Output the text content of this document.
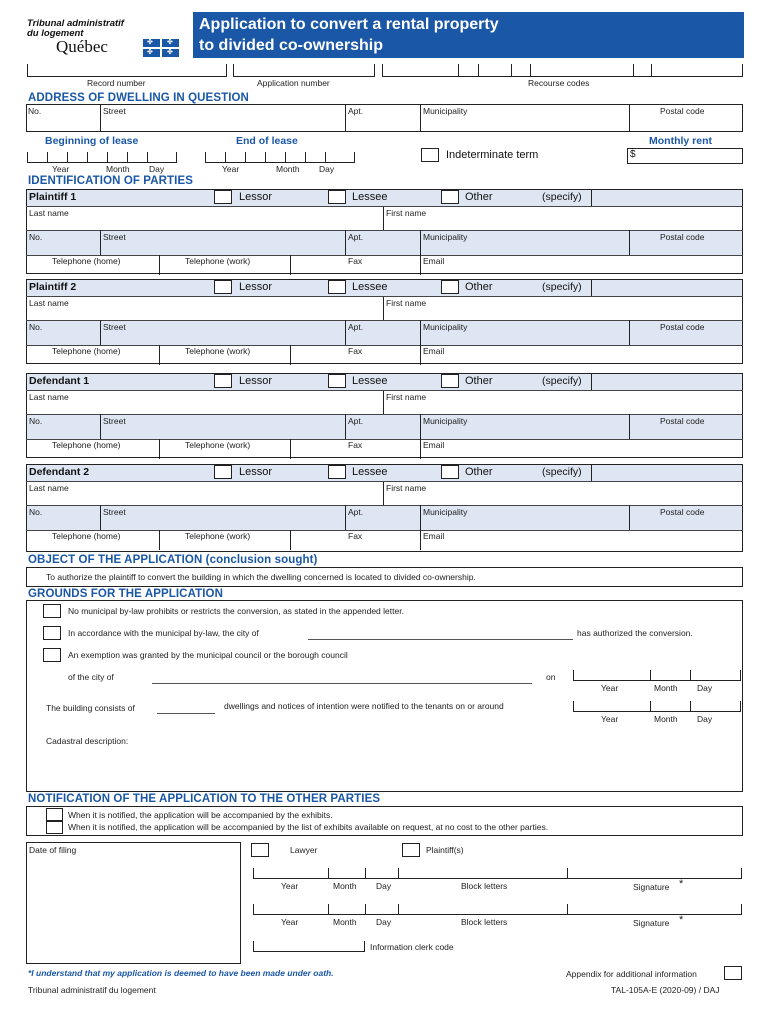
Tribunal administratif
du logement
Québec	✤ ✤
✤ ✤
Application to convert a rental property
to divided co-ownership
Record number	Application number	Recourse codes
ADDRESS OF DWELLING IN QUESTION
No.	Street	Apt.	Municipality	Postal code
Beginning of lease	End of lease	Monthly rent
Year	Month Day	Year	Month Day
Indeterminate term	$
IDENTIFICATION OF PARTIES
Plaintiff 1	Lessor	Lessee	Other	(specify)
Last name	First name
No.	Street	Apt.	Municipality	Postal code
Telephone (home)	Telephone (work)	Fax	Email
Plaintiff 2	Lessor	Lessee	Other	(specify)
Last name	First name
No.	Street	Apt.	Municipality	Postal code
Telephone (home)	Telephone (work)	Fax	Email
Defendant 1	Lessor	Lessee	Other	(specify)
Last name	First name
No.	Street	Apt.	Municipality	Postal code
Telephone (home)	Telephone (work)	Fax	Email
Defendant 2	Lessor	Lessee	Other	(specify)
Last name	First name
No.	Street	Apt.	Municipality	Postal code
Telephone (home)	Telephone (work)	Fax	Email
OBJECT OF THE APPLICATION (conclusion sought)
To authorize the plaintiff to convert the building in which the dwelling concerned is located to divided co-ownership.
GROUNDS FOR THE APPLICATION
No municipal by-law prohibits or restricts the conversion, as stated in the appended letter.
In accordance with the municipal by-law, the city of	has authorized the conversion.
An exemption was granted by the municipal council or the borough council
of the city of	on
Year	Month Day
The building consists of	dwellings and notices of intention were notified to the tenants on or around
Year	Month Day
Cadastral description:
NOTIFICATION OF THE APPLICATION TO THE OTHER PARTIES
When it is notified, the application will be accompanied by the exhibits.
When it is notified, the application will be accompanied by the list of exhibits available on request, at no cost to the other parties.
Date of filing	Lawyer	Plaintiff(s)
Year	Month Day	Block letters	Signature *
Year	Month Day	Block letters	Signature *
Information clerk code
*I understand that my application is deemed to have been made under oath.	Appendix for additional information
Tribunal administratif du logement	TAL-105A-E (2020-09) / DAJ
